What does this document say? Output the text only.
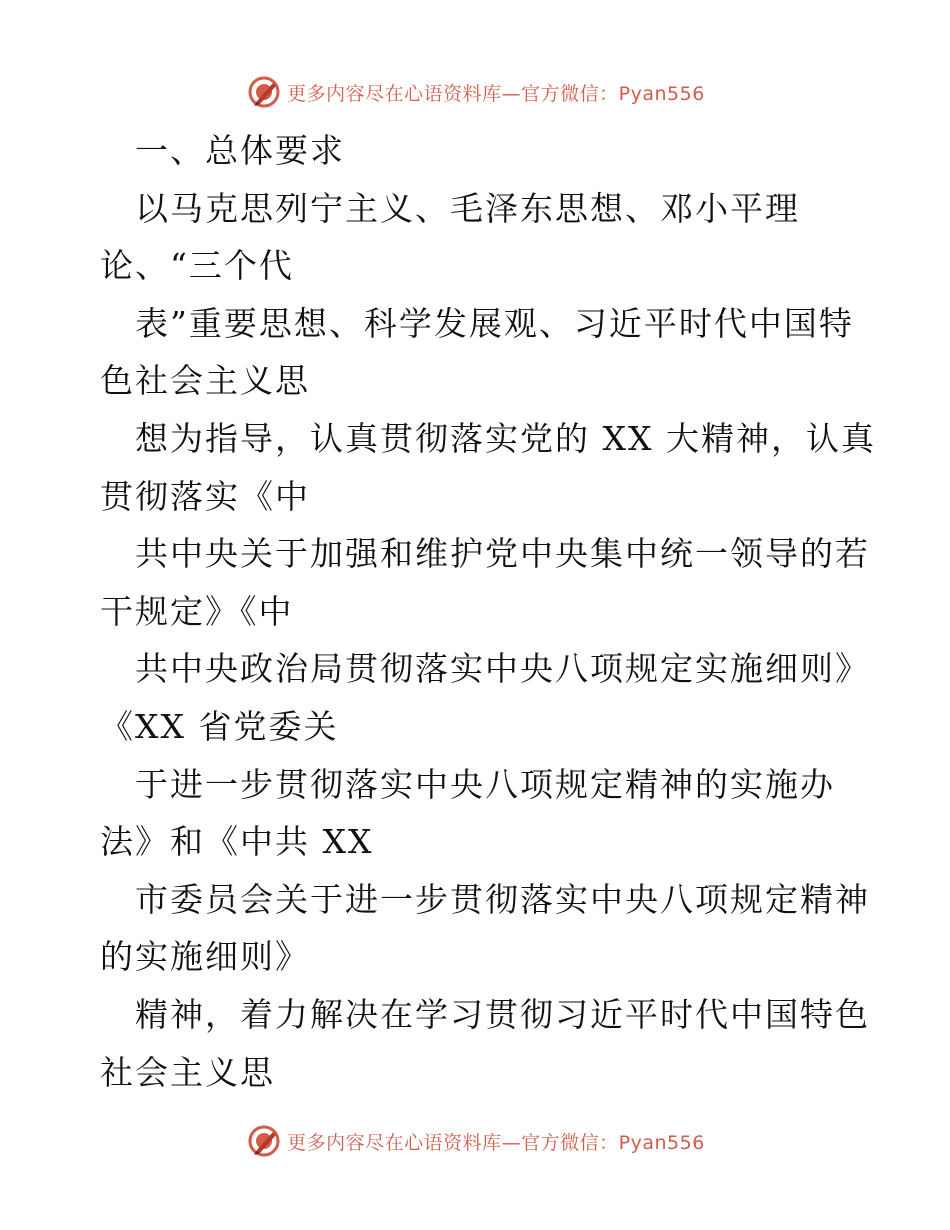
更多内容尽在心语资料库—官方微信：Pyan556
一、总体要求
以马克思列宁主义、毛泽东思想、邓小平理
论、“三个代
表”重要思想、科学发展观、习近平时代中国特
色社会主义思
想为指导，认真贯彻落实党的 XX 大精神，认真
贯彻落实《中
共中央关于加强和维护党中央集中统一领导的若
干规定》《中
共中央政治局贯彻落实中央八项规定实施细则》
《XX 省党委关
于进一步贯彻落实中央八项规定精神的实施办
法》和《中共 XX
市委员会关于进一步贯彻落实中央八项规定精神
的实施细则》
精神，着力解决在学习贯彻习近平时代中国特色
社会主义思
更多内容尽在心语资料库—官方微信：Pyan556
